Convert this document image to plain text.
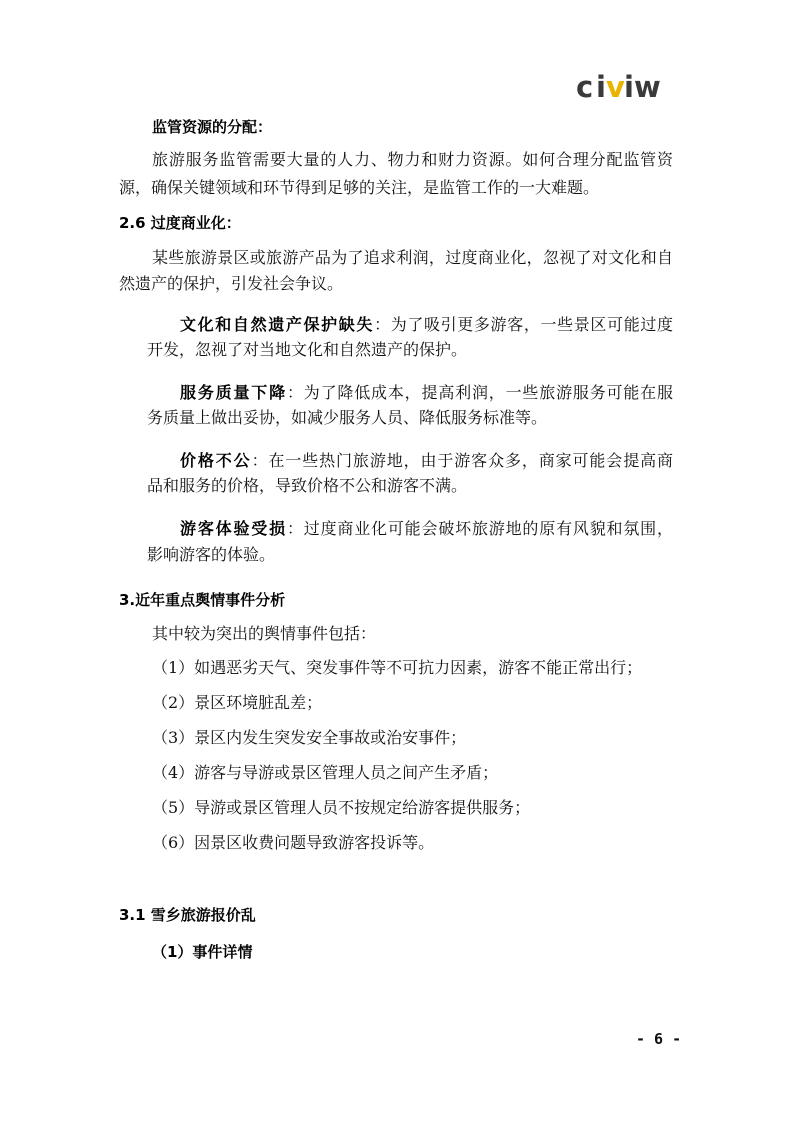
c i v i w
监管资源的分配：
旅游服务监管需要大量的人力、物力和财力资源。如何合理分配监管资
源，确保关键领域和环节得到足够的关注，是监管工作的一大难题。
2.6 过度商业化：
某些旅游景区或旅游产品为了追求利润，过度商业化，忽视了对文化和自
然遗产的保护，引发社会争议。
文化和自然遗产保护缺失：为了吸引更多游客，一些景区可能过度
开发，忽视了对当地文化和自然遗产的保护。
服务质量下降：为了降低成本，提高利润，一些旅游服务可能在服
务质量上做出妥协，如减少服务人员、降低服务标准等。
价格不公：在一些热门旅游地，由于游客众多，商家可能会提高商
品和服务的价格，导致价格不公和游客不满。
游客体验受损：过度商业化可能会破坏旅游地的原有风貌和氛围，
影响游客的体验。
3.近年重点舆情事件分析
其中较为突出的舆情事件包括：
（1）如遇恶劣天气、突发事件等不可抗力因素，游客不能正常出行；
（2）景区环境脏乱差；
（3）景区内发生突发安全事故或治安事件；
（4）游客与导游或景区管理人员之间产生矛盾；
（5）导游或景区管理人员不按规定给游客提供服务；
（6）因景区收费问题导致游客投诉等。
3.1 雪乡旅游报价乱
（1）事件详情
- 6 -
